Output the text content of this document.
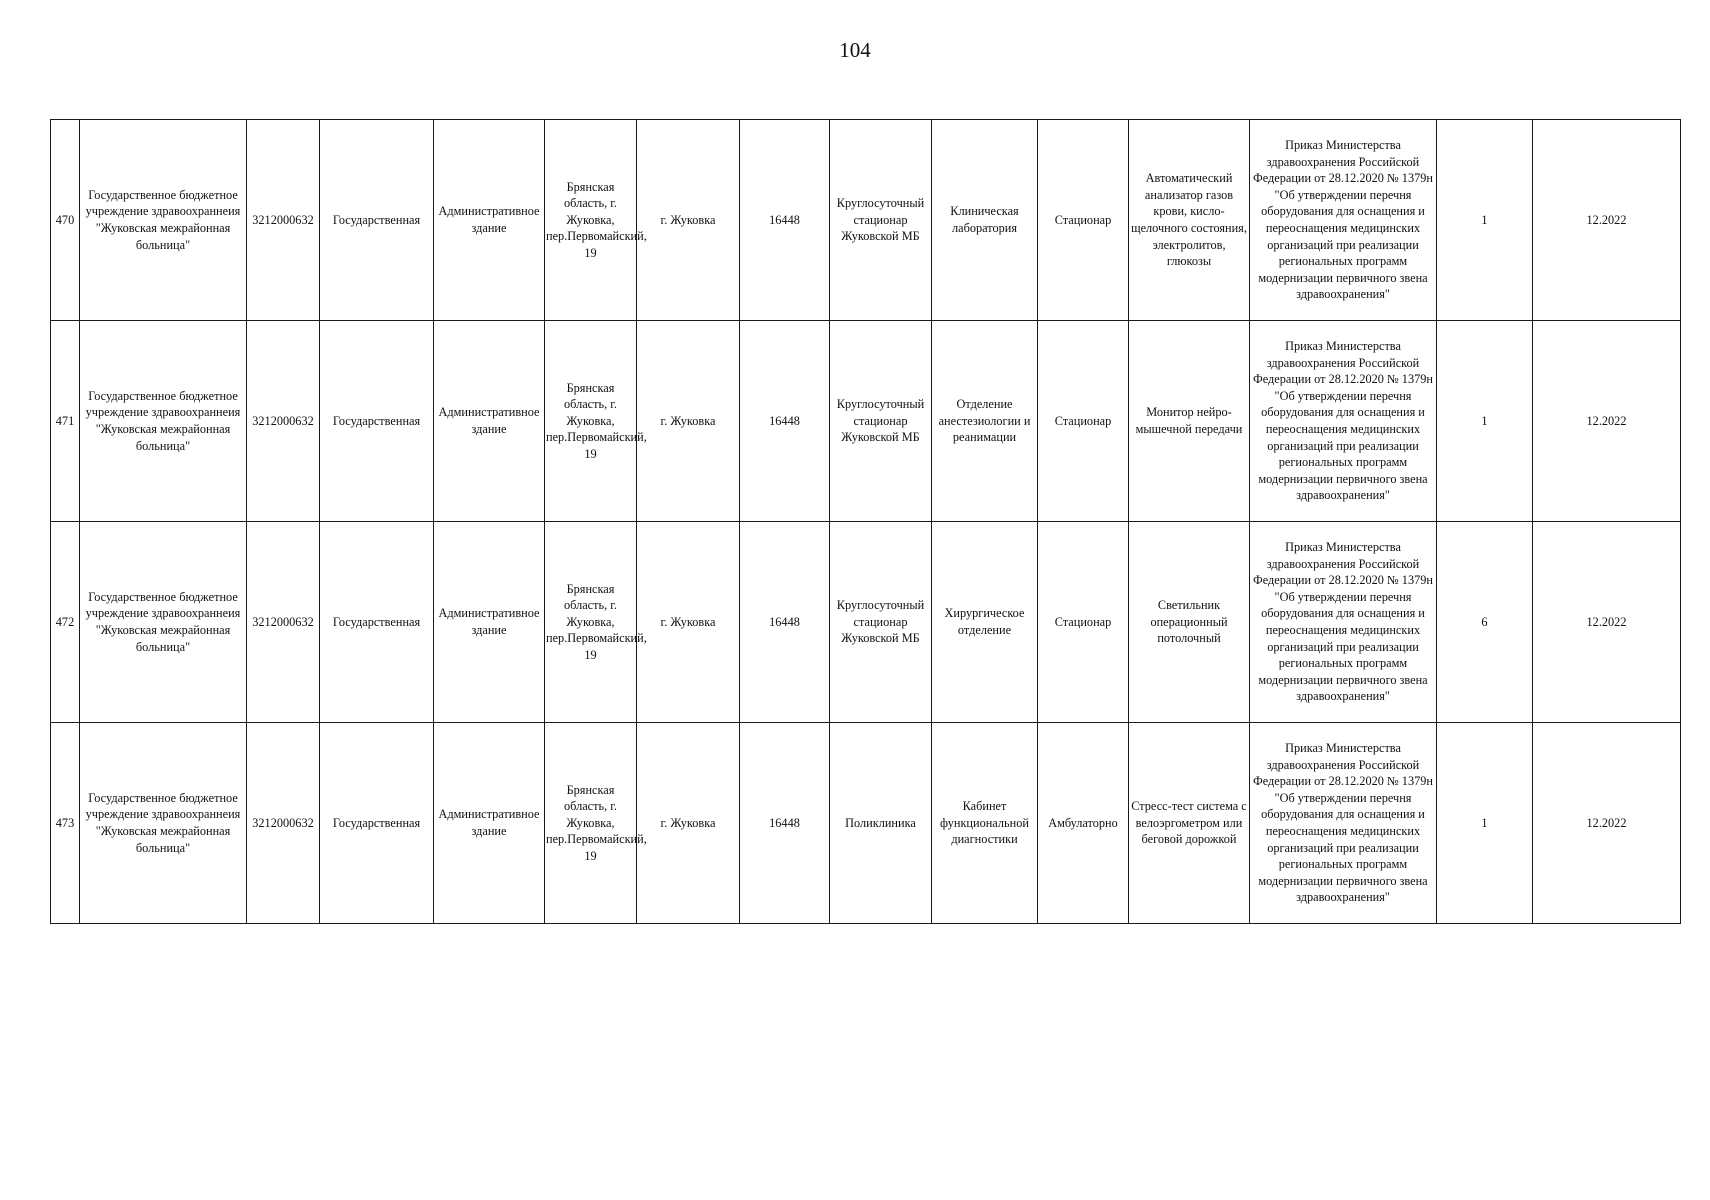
104
470	Государственное бюджетное учреждение здравоохраннеия "Жуковская межрайонная больница"	3212000632	Государственная	Административное здание	Брянская область, г. Жуковка, пер.Первомайский, 19	г. Жуковка	16448	Круглосуточный стационар Жуковской МБ	Клиническая лаборатория	Стационар	Автоматический анализатор газов крови, кисло-щелочного состояния, электролитов, глюкозы	Приказ Министерства здравоохранения Российской Федерации от 28.12.2020 № 1379н "Об утверждении перечня оборудования для оснащения и переоснащения медицинских организаций при реализации региональных программ модернизации первичного звена здравоохранения"	1	12.2022
471	Государственное бюджетное учреждение здравоохраннеия "Жуковская межрайонная больница"	3212000632	Государственная	Административное здание	Брянская область, г. Жуковка, пер.Первомайский, 19	г. Жуковка	16448	Круглосуточный стационар Жуковской МБ	Отделение анестезиологии и реанимации	Стационар	Монитор нейро-мышечной передачи	Приказ Министерства здравоохранения Российской Федерации от 28.12.2020 № 1379н "Об утверждении перечня оборудования для оснащения и переоснащения медицинских организаций при реализации региональных программ модернизации первичного звена здравоохранения"	1	12.2022
472	Государственное бюджетное учреждение здравоохраннеия "Жуковская межрайонная больница"	3212000632	Государственная	Административное здание	Брянская область, г. Жуковка, пер.Первомайский, 19	г. Жуковка	16448	Круглосуточный стационар Жуковской МБ	Хирургическое отделение	Стационар	Светильник операционный потолочный	Приказ Министерства здравоохранения Российской Федерации от 28.12.2020 № 1379н "Об утверждении перечня оборудования для оснащения и переоснащения медицинских организаций при реализации региональных программ модернизации первичного звена здравоохранения"	6	12.2022
473	Государственное бюджетное учреждение здравоохраннеия "Жуковская межрайонная больница"	3212000632	Государственная	Административное здание	Брянская область, г. Жуковка, пер.Первомайский, 19	г. Жуковка	16448	Поликлиника	Кабинет функциональной диагностики	Амбулаторно	Стресс-тест система с велоэргометром или беговой дорожкой	Приказ Министерства здравоохранения Российской Федерации от 28.12.2020 № 1379н "Об утверждении перечня оборудования для оснащения и переоснащения медицинских организаций при реализации региональных программ модернизации первичного звена здравоохранения"	1	12.2022
